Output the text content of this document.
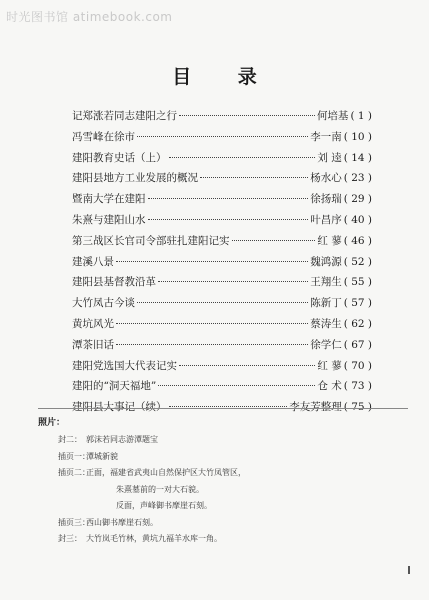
时光图书馆 atimebook.com
目 录
记郑涨若同志建阳之行	何培基 ( 1 )
冯雪峰在徐市	李一南 ( 10 )
建阳教育史话（上）	刘 逵 ( 14 )
建阳县地方工业发展的概况	杨水心 ( 23 )
暨南大学在建阳	徐扬瑞 ( 29 )
朱熹与建阳山水	叶昌序 ( 40 )
第三战区长官司令部驻扎建阳记实	红 蓼 ( 46 )
建溪八景	魏鸿源 ( 52 )
建阳县基督教沿革	王翔生 ( 55 )
大竹凤古今谈	陈新丁 ( 57 )
黄坑风光	蔡涛生 ( 62 )
潭茶旧话	徐学仁 ( 67 )
建阳党选国大代表记实	红 蓼 ( 70 )
建阳的“洞天福地”	仓 术 ( 73 )
建阳县大事记（续）	李友芳整理 ( 75 )
照片：
封二： 郭沫若同志游潭题宝
插页一：
潭城新貌
插页二：
正面，福建省武夷山自然保护区大竹凤管区，
朱熹墓前的一对大石貌。
反面，声峰御书摩崖石刻。
插页三：
西山御书摩崖石刻。
封三： 大竹岚毛竹林，黄坑九福羊水库一角。
